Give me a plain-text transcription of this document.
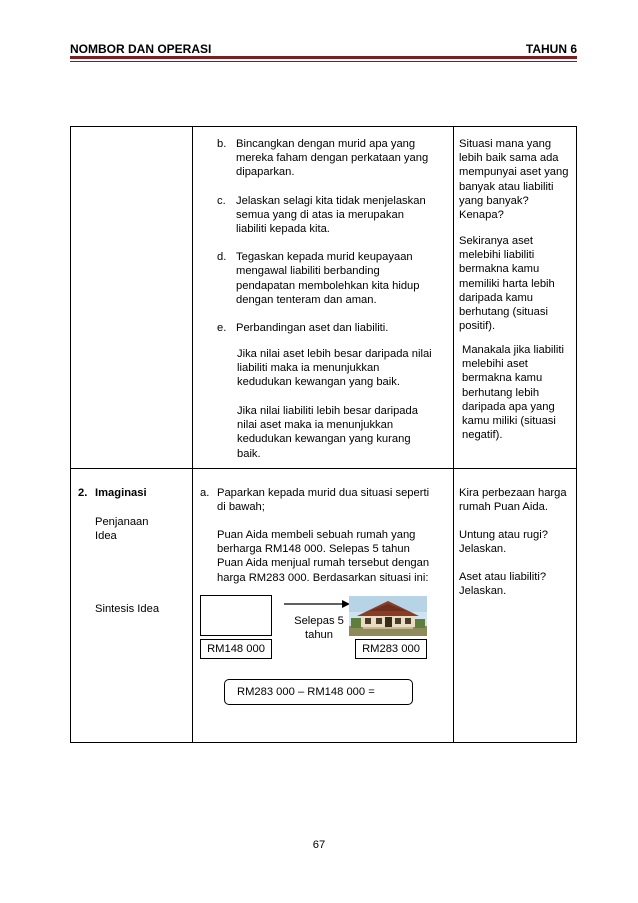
NOMBOR DAN OPERASI	TAHUN 6
b. Bincangkan dengan murid apa yang
mereka faham dengan perkataan yang
dipaparkan.
c. Jelaskan selagi kita tidak menjelaskan
semua yang di atas ia merupakan
liabiliti kepada kita.
d. Tegaskan kepada murid keupayaan
mengawal liabiliti berbanding
pendapatan membolehkan kita hidup
dengan tenteram dan aman.
e. Perbandingan aset dan liabiliti.
Jika nilai aset lebih besar daripada nilai
liabiliti maka ia menunjukkan
kedudukan kewangan yang baik.
Jika nilai liabiliti lebih besar daripada
nilai aset maka ia menunjukkan
kedudukan kewangan yang kurang
baik.
Situasi mana yang
lebih baik sama ada
mempunyai aset yang
banyak atau liabiliti
yang banyak?
Kenapa?
Sekiranya aset
melebihi liabiliti
bermakna kamu
memiliki harta lebih
daripada kamu
berhutang (situasi
positif).
Manakala jika liabiliti
melebihi aset
bermakna kamu
berhutang lebih
daripada apa yang
kamu miliki (situasi
negatif).
2. Imaginasi
Penjanaan
Idea
Sintesis Idea
a. Paparkan kepada murid dua situasi seperti
di bawah;
Puan Aida membeli sebuah rumah yang
berharga RM148 000. Selepas 5 tahun
Puan Aida menjual rumah tersebut dengan
harga RM283 000. Berdasarkan situasi ini:
RM148 000
Selepas 5
tahun
RM283 000
RM283 000 – RM148 000 =
Kira perbezaan harga
rumah Puan Aida.
Untung atau rugi?
Jelaskan.
Aset atau liabiliti?
Jelaskan.
67
